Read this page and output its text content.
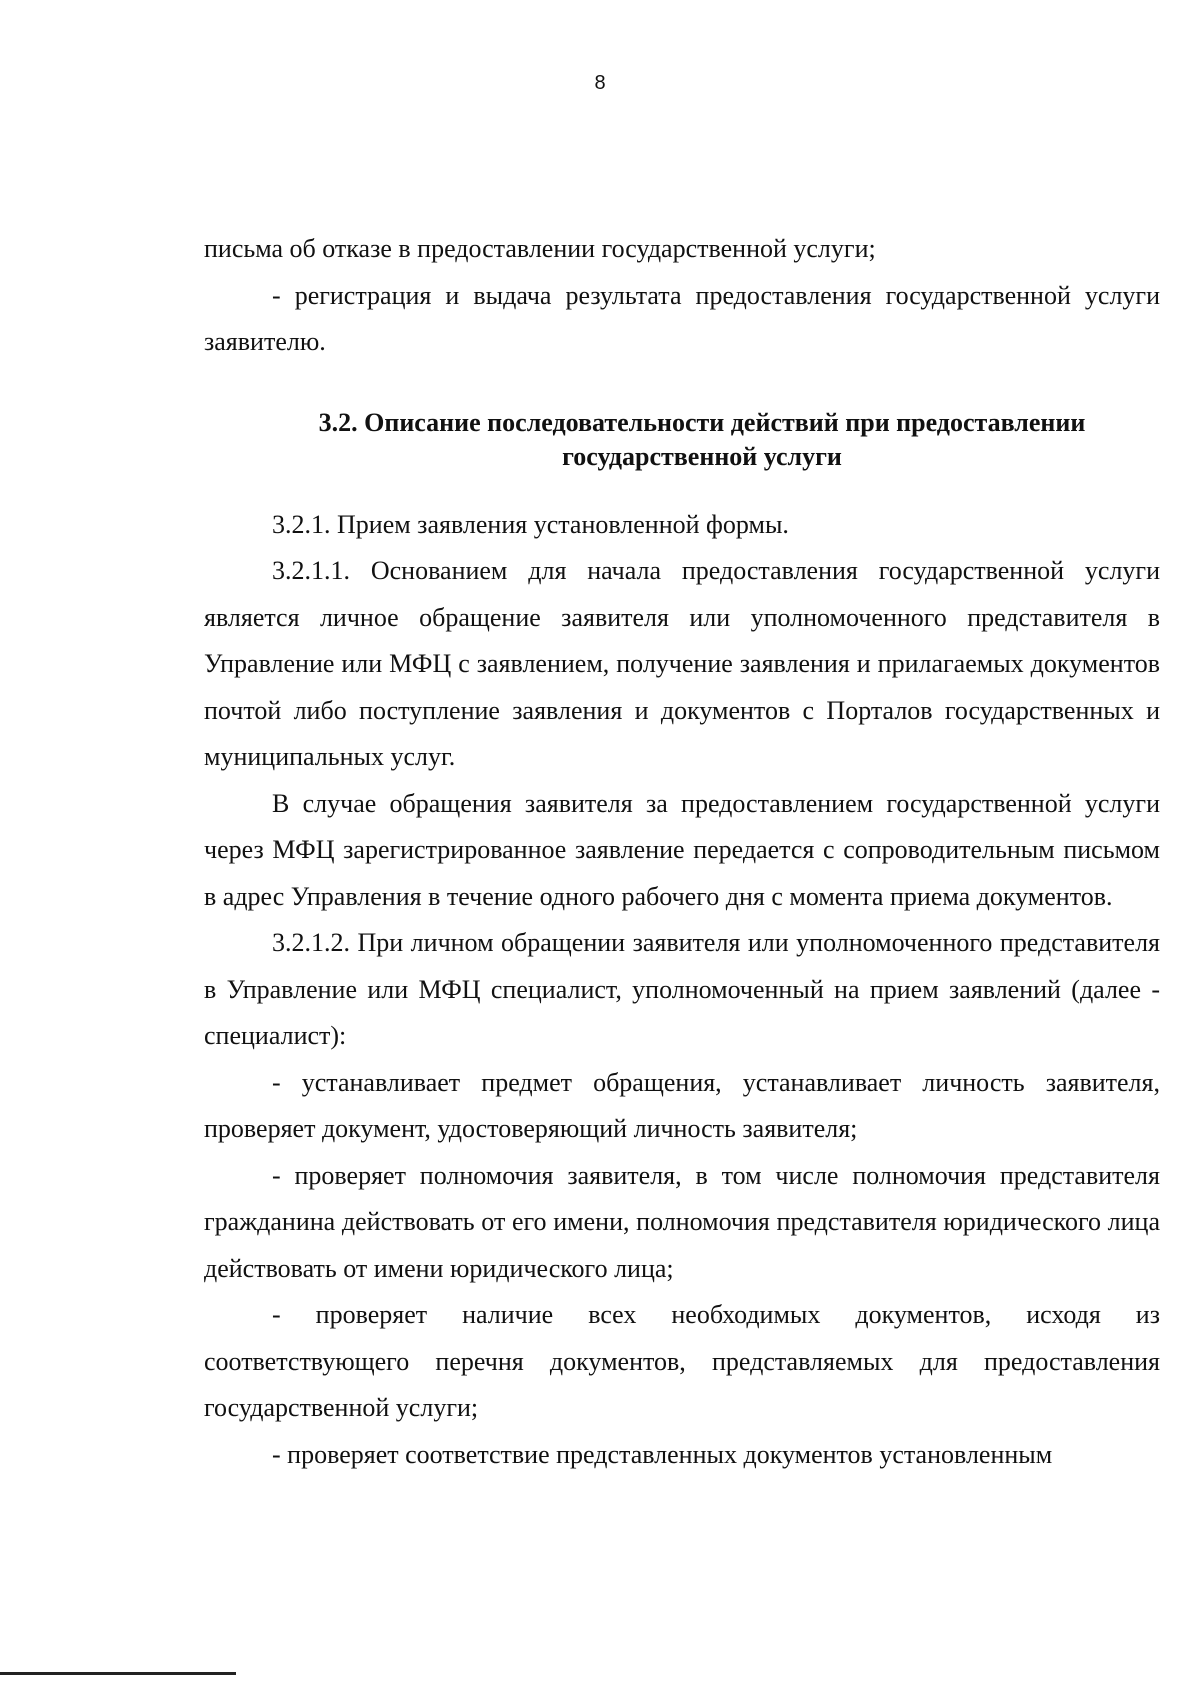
8

письма об отказе в предоставлении государственной услуги;

- регистрация и выдача результата предоставления государственной услуги заявителю.

3.2. Описание последовательности действий при предоставлении
государственной услуги

3.2.1. Прием заявления установленной формы.

3.2.1.1. Основанием для начала предоставления государственной услуги является личное обращение заявителя или уполномоченного представителя в Управление или МФЦ с заявлением, получение заявления и прилагаемых документов почтой либо поступление заявления и документов с Порталов государственных и муниципальных услуг.

В случае обращения заявителя за предоставлением государственной услуги через МФЦ зарегистрированное заявление передается с сопроводительным письмом в адрес Управления в течение одного рабочего дня с момента приема документов.

3.2.1.2. При личном обращении заявителя или уполномоченного представителя в Управление или МФЦ специалист, уполномоченный на прием заявлений (далее - специалист):

- устанавливает предмет обращения, устанавливает личность заявителя, проверяет документ, удостоверяющий личность заявителя;

- проверяет полномочия заявителя, в том числе полномочия представителя гражданина действовать от его имени, полномочия представителя юридического лица действовать от имени юридического лица;

- проверяет наличие всех необходимых документов, исходя из соответствующего перечня документов, представляемых для предоставления государственной услуги;

- проверяет соответствие представленных документов установленным
